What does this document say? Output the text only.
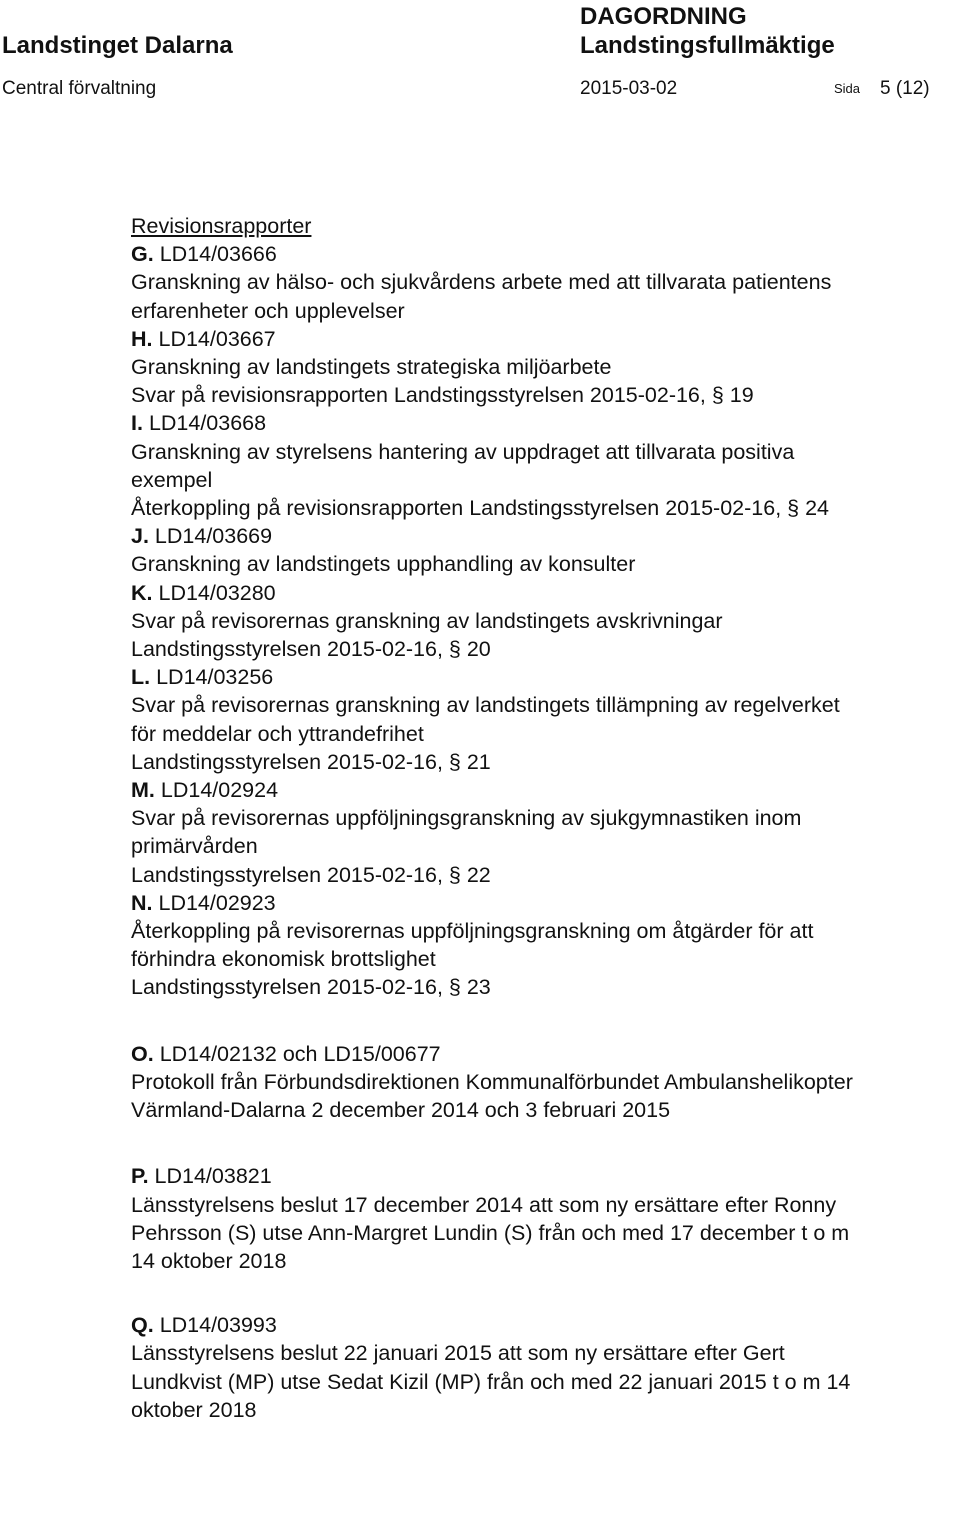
Landstinget Dalarna
Central förvaltning
DAGORDNING
Landstingsfullmäktige
2015-03-02	Sida 5 (12)

Revisionsrapporter

G. LD14/03666

Granskning av hälso- och sjukvårdens arbete med att tillvarata patientens

erfarenheter och upplevelser

H. LD14/03667

Granskning av landstingets strategiska miljöarbete

Svar på revisionsrapporten Landstingsstyrelsen 2015-02-16, § 19

I. LD14/03668

Granskning av styrelsens hantering av uppdraget att tillvarata positiva

exempel

Återkoppling på revisionsrapporten Landstingsstyrelsen 2015-02-16, § 24

J. LD14/03669

Granskning av landstingets upphandling av konsulter

K. LD14/03280

Svar på revisorernas granskning av landstingets avskrivningar

Landstingsstyrelsen 2015-02-16, § 20

L. LD14/03256

Svar på revisorernas granskning av landstingets tillämpning av regelverket

för meddelar och yttrandefrihet

Landstingsstyrelsen 2015-02-16, § 21

M. LD14/02924

Svar på revisorernas uppföljningsgranskning av sjukgymnastiken inom

primärvården

Landstingsstyrelsen 2015-02-16, § 22

N. LD14/02923

Återkoppling på revisorernas uppföljningsgranskning om åtgärder för att

förhindra ekonomisk brottslighet

Landstingsstyrelsen 2015-02-16, § 23

O. LD14/02132 och LD15/00677

Protokoll från Förbundsdirektionen Kommunalförbundet Ambulanshelikopter

Värmland-Dalarna 2 december 2014 och 3 februari 2015

P. LD14/03821

Länsstyrelsens beslut 17 december 2014 att som ny ersättare efter Ronny

Pehrsson (S) utse Ann-Margret Lundin (S) från och med 17 december t o m

14 oktober 2018

Q. LD14/03993

Länsstyrelsens beslut 22 januari 2015 att som ny ersättare efter Gert

Lundkvist (MP) utse Sedat Kizil (MP) från och med 22 januari 2015 t o m 14

oktober 2018
